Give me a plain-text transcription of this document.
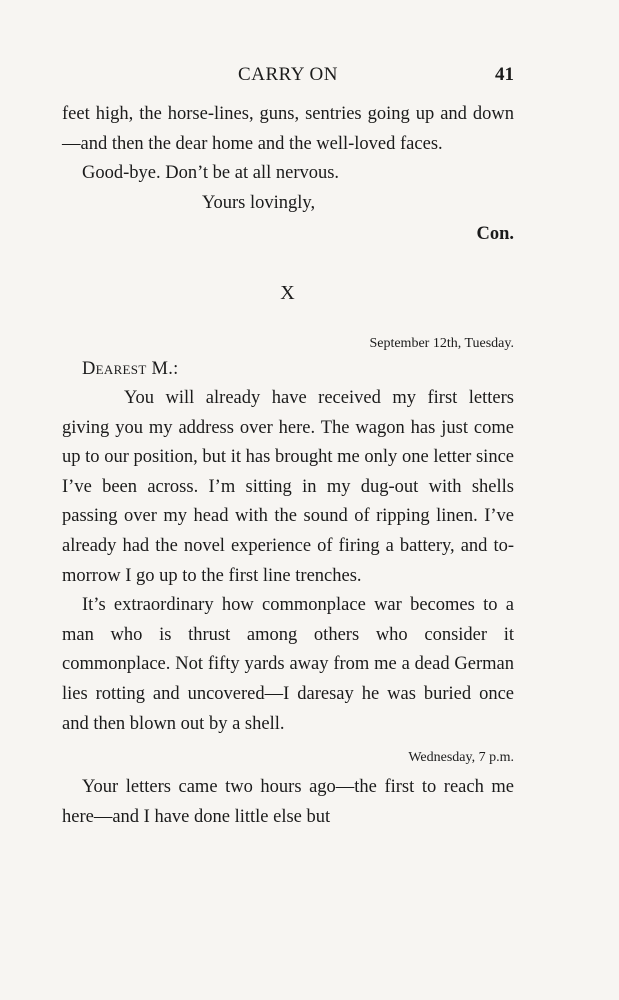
CARRY ON	41

feet high, the horse-lines, guns, sentries going up and down—and then the dear home and the well-loved faces.

Good-bye. Don’t be at all nervous.

Yours lovingly,

Con.

X

September 12th, Tuesday.

Dearest M.:

You will already have received my first letters giving you my address over here. The wagon has just come up to our position, but it has brought me only one letter since I’ve been across. I’m sitting in my dug-out with shells passing over my head with the sound of ripping linen. I’ve already had the novel experience of firing a battery, and to-morrow I go up to the first line trenches.

It’s extraordinary how commonplace war becomes to a man who is thrust among others who consider it commonplace. Not fifty yards away from me a dead German lies rotting and uncovered—I daresay he was buried once and then blown out by a shell.

Wednesday, 7 p.m.

Your letters came two hours ago—the first to reach me here—and I have done little else but
